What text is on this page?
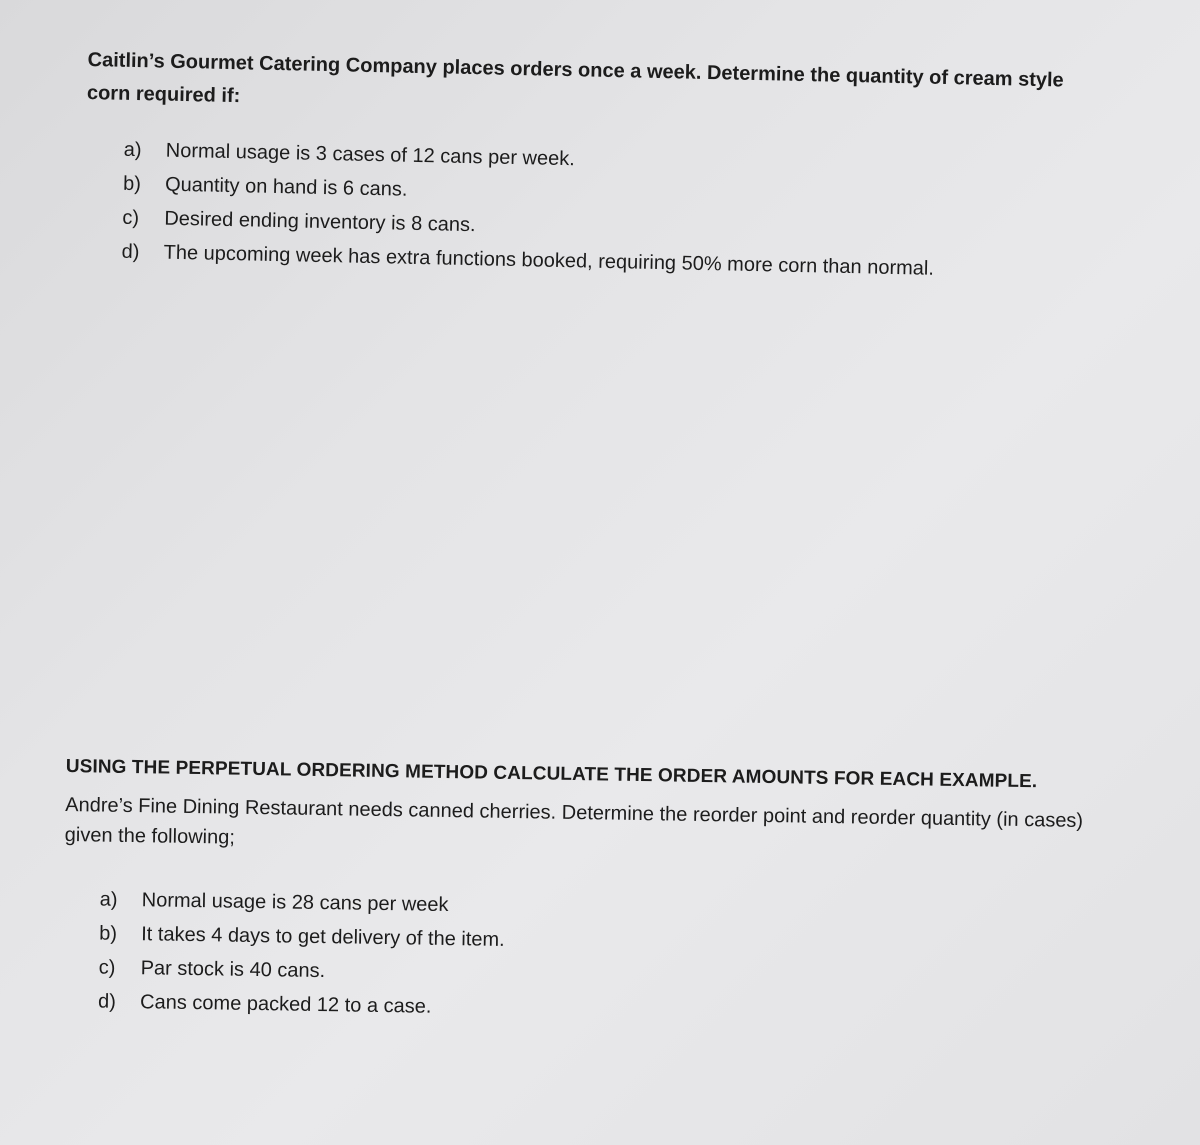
Caitlin’s Gourmet Catering Company places orders once a week. Determine the quantity of cream style corn required if:

a)	Normal usage is 3 cases of 12 cans per week.
b)	Quantity on hand is 6 cans.
c)	Desired ending inventory is 8 cans.
d)	The upcoming week has extra functions booked, requiring 50% more corn than normal.

USING THE PERPETUAL ORDERING METHOD CALCULATE THE ORDER AMOUNTS FOR EACH EXAMPLE.

Andre’s Fine Dining Restaurant needs canned cherries. Determine the reorder point and reorder quantity (in cases) given the following;

a)	Normal usage is 28 cans per week
b)	It takes 4 days to get delivery of the item.
c)	Par stock is 40 cans.
d)	Cans come packed 12 to a case.
